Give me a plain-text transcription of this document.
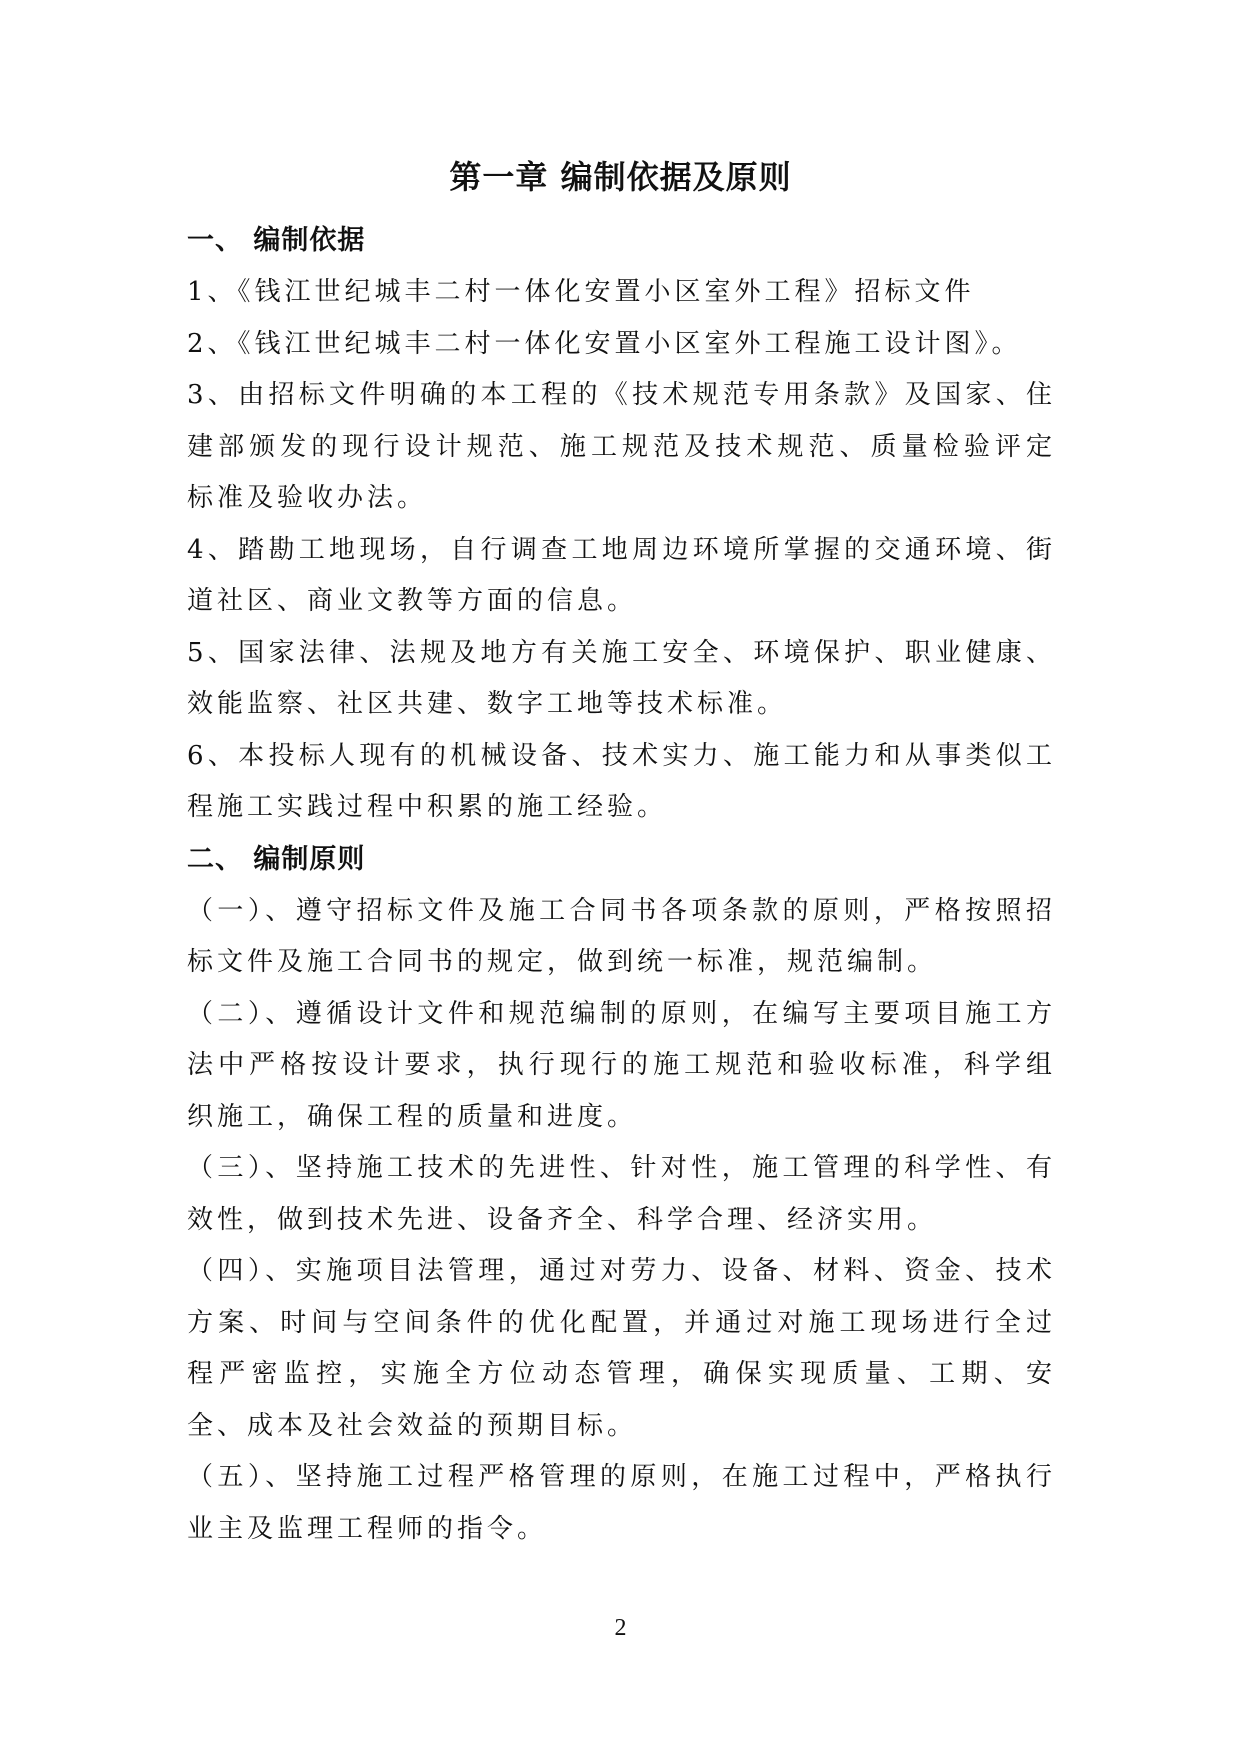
第一章 编制依据及原则
一、 编制依据

1、《钱江世纪城丰二村一体化安置小区室外工程》招标文件

2、《钱江世纪城丰二村一体化安置小区室外工程施工设计图》。

3、由招标文件明确的本工程的《技术规范专用条款》及国家、住建部颁发的现行设计规范、施工规范及技术规范、质量检验评定标准及验收办法。

4、踏勘工地现场，自行调查工地周边环境所掌握的交通环境、街道社区、商业文教等方面的信息。

5、国家法律、法规及地方有关施工安全、环境保护、职业健康、效能监察、社区共建、数字工地等技术标准。

6、本投标人现有的机械设备、技术实力、施工能力和从事类似工程施工实践过程中积累的施工经验。

二、 编制原则

（一）、遵守招标文件及施工合同书各项条款的原则，严格按照招标文件及施工合同书的规定，做到统一标准，规范编制。

（二）、遵循设计文件和规范编制的原则，在编写主要项目施工方法中严格按设计要求，执行现行的施工规范和验收标准，科学组织施工，确保工程的质量和进度。

（三）、坚持施工技术的先进性、针对性，施工管理的科学性、有效性，做到技术先进、设备齐全、科学合理、经济实用。

（四）、实施项目法管理，通过对劳力、设备、材料、资金、技术方案、时间与空间条件的优化配置，并通过对施工现场进行全过程严密监控，实施全方位动态管理，确保实现质量、工期、安全、成本及社会效益的预期目标。

（五）、坚持施工过程严格管理的原则，在施工过程中，严格执行业主及监理工程师的指令。

2
